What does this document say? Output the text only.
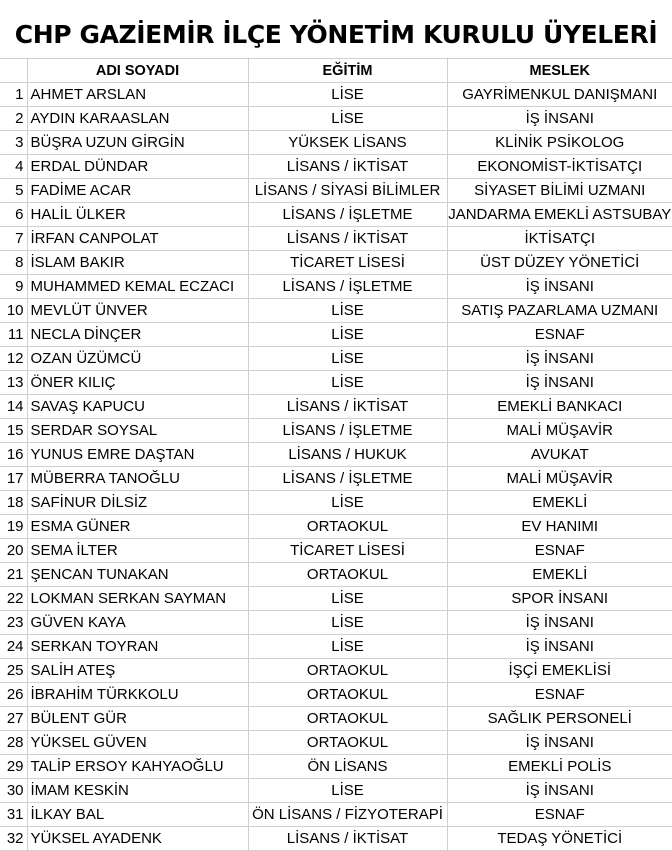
CHP GAZİEMİR İLÇE YÖNETİM KURULU ÜYELERİ
	ADI SOYADI	EĞİTİM	MESLEK
1	AHMET ARSLAN	LİSE	GAYRİMENKUL DANIŞMANI
2	AYDIN KARAASLAN	LİSE	İŞ İNSANI
3	BÜŞRA UZUN GİRGİN	YÜKSEK LİSANS	KLİNİK PSİKOLOG
4	ERDAL DÜNDAR	LİSANS / İKTİSAT	EKONOMİST-İKTİSATÇI
5	FADİME ACAR	LİSANS / SİYASİ BİLİMLER	SİYASET BİLİMİ UZMANI
6	HALİL ÜLKER	LİSANS / İŞLETME	JANDARMA EMEKLİ ASTSUBAY
7	İRFAN CANPOLAT	LİSANS / İKTİSAT	İKTİSATÇI
8	İSLAM BAKIR	TİCARET LİSESİ	ÜST DÜZEY YÖNETİCİ
9	MUHAMMED KEMAL ECZACI	LİSANS / İŞLETME	İŞ İNSANI
10	MEVLÜT ÜNVER	LİSE	SATIŞ PAZARLAMA UZMANI
11	NECLA DİNÇER	LİSE	ESNAF
12	OZAN ÜZÜMCÜ	LİSE	İŞ İNSANI
13	ÖNER KILIÇ	LİSE	İŞ İNSANI
14	SAVAŞ KAPUCU	LİSANS / İKTİSAT	EMEKLİ BANKACI
15	SERDAR SOYSAL	LİSANS / İŞLETME	MALİ MÜŞAVİR
16	YUNUS EMRE DAŞTAN	LİSANS / HUKUK	AVUKAT
17	MÜBERRA TANOĞLU	LİSANS / İŞLETME	MALİ MÜŞAVİR
18	SAFİNUR DİLSİZ	LİSE	EMEKLİ
19	ESMA GÜNER	ORTAOKUL	EV HANIMI
20	SEMA İLTER	TİCARET LİSESİ	ESNAF
21	ŞENCAN TUNAKAN	ORTAOKUL	EMEKLİ
22	LOKMAN SERKAN SAYMAN	LİSE	SPOR İNSANI
23	GÜVEN KAYA	LİSE	İŞ İNSANI
24	SERKAN TOYRAN	LİSE	İŞ İNSANI
25	SALİH ATEŞ	ORTAOKUL	İŞÇİ EMEKLİSİ
26	İBRAHİM TÜRKKOLU	ORTAOKUL	ESNAF
27	BÜLENT GÜR	ORTAOKUL	SAĞLIK PERSONELİ
28	YÜKSEL GÜVEN	ORTAOKUL	İŞ İNSANI
29	TALİP ERSOY KAHYAOĞLU	ÖN LİSANS	EMEKLİ POLİS
30	İMAM KESKİN	LİSE	İŞ İNSANI
31	İLKAY BAL	ÖN LİSANS / FİZYOTERAPİ	ESNAF
32	YÜKSEL AYADENK	LİSANS / İKTİSAT	TEDAŞ YÖNETİCİ
